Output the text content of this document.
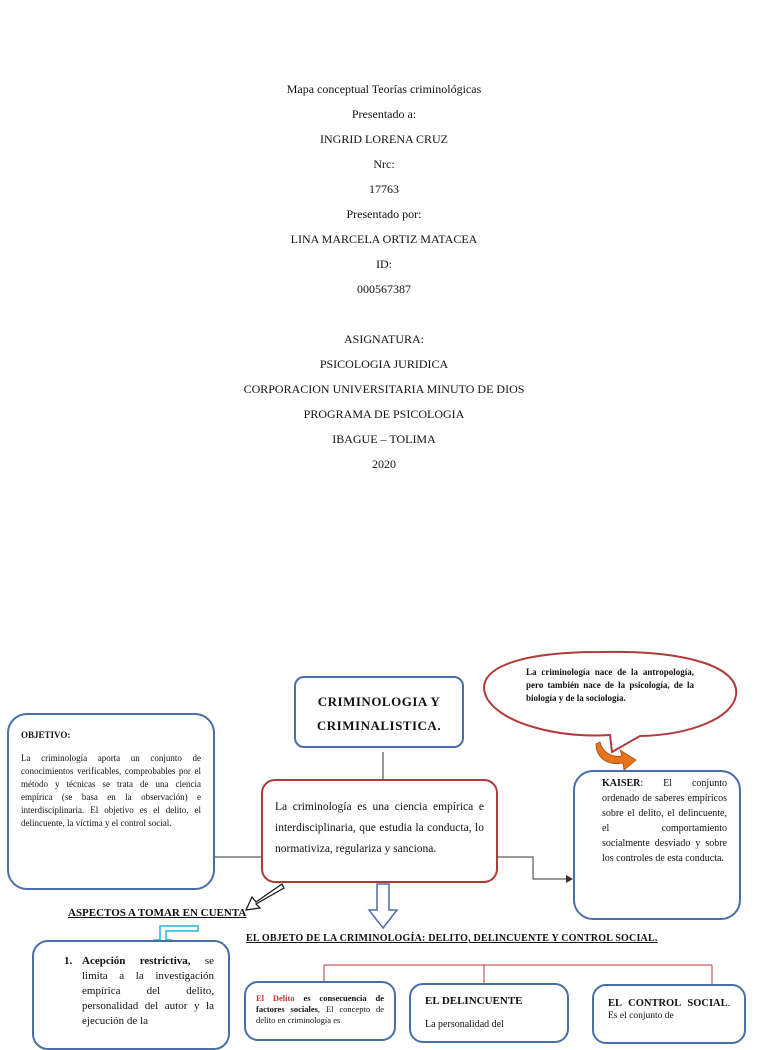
Mapa conceptual Teorías criminológicas
Presentado a:
INGRID LORENA CRUZ
Nrc:
17763
Presentado por:
LINA MARCELA ORTIZ MATACEA
ID:
000567387
ASIGNATURA:
PSICOLOGIA JURIDICA
CORPORACION UNIVERSITARIA MINUTO DE DIOS
PROGRAMA DE PSICOLOGIA
IBAGUE – TOLIMA
2020
CRIMINOLOGIA Y CRIMINALISTICA.
La criminología es una ciencia empírica e interdisciplinaria, que estudia la conducta, lo normativiza, regulariza y sanciona.
OBJETIVO:
La criminología aporta un conjunto de conocimientos verificables, comprobables por el método y técnicas se trata de una ciencia empírica (se basa en la observación) e interdisciplinaria. El objetivo es el delito, el delincuente, la víctima y el control social.
La criminología nace de la antropología, pero también nace de la psicología, de la biología y de la sociología.
KAISER: El conjunto ordenado de saberes empíricos sobre el delito, el delincuente, el comportamiento socialmente desviado y sobre los controles de esta conducta.
ASPECTOS A TOMAR EN CUENTA
EL OBJETO DE LA CRIMINOLOGÍA: DELITO, DELINCUENTE Y CONTROL SOCIAL.
1. Acepción restrictiva, se limita a la investigación empírica del delito, personalidad del autor y la ejecución de la
El Delito es consecuencia de factores sociales, El concepto de delito en criminología es
EL DELINCUENTE
La personalidad del
EL CONTROL SOCIAL. Es el conjunto de
